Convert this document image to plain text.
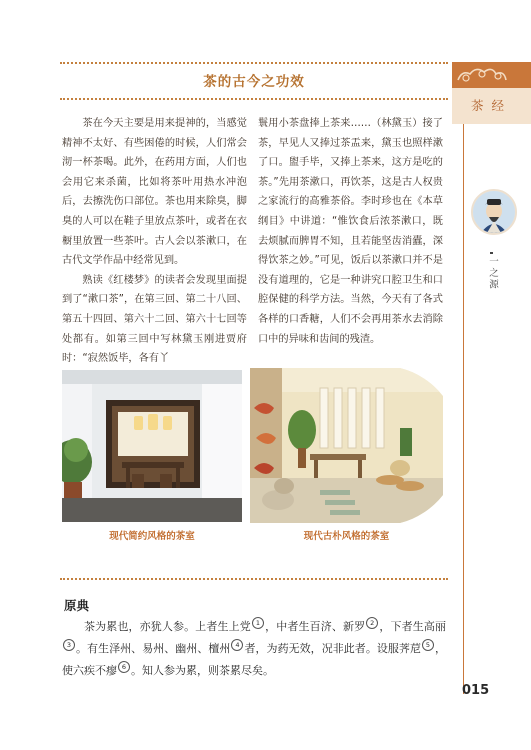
茶的古今之功效

茶在今天主要是用来提神的，当感觉精神不太好、有些困倦的时候，人们常会沏一杯茶喝。此外，在药用方面，人们也会用它来杀菌，比如将茶叶用热水冲泡后，去擦洗伤口部位。茶也用来除臭，脚臭的人可以在鞋子里放点茶叶，或者在衣橱里放置一些茶叶。古人会以茶漱口，在古代文学作品中经常见到。

熟读《红楼梦》的读者会发现里面提到了“漱口茶”，在第三回、第二十八回、第五十四回、第六十二回、第六十七回等处都有。如第三回中写林黛玉刚进贾府时：“寂然饭毕，各有丫

鬟用小茶盘捧上茶来……（林黛玉）接了茶，早见人又捧过茶盂来，黛玉也照样漱了口。盥手毕，又捧上茶来，这方是吃的茶。”先用茶漱口，再饮茶，这是古人权贵之家流行的高雅茶俗。李时珍也在《本草纲目》中讲道：“惟饮食后浓茶漱口，既去烦腻而脾胃不知，且若能坚齿消蠹，深得饮茶之妙。”可见，饭后以茶漱口并不是没有道理的，它是一种讲究口腔卫生和口腔保健的科学方法。当然，今天有了各式各样的口香糖，人们不会再用茶水去消除口中的异味和齿间的残渣。

现代简约风格的茶室	现代古朴风格的茶室
原典
茶为累也，亦犹人参。上者生上党 $^1$ ，中者生百济、新罗 $^2$ ，下者生高丽$^3$ 。有生泽州、易州、幽州、檀州 $^4$ 者，为药无效，况非此者。设服荠苨 $^5$ ，使六疾不瘳 $^6$ 。知人参为累，则茶累尽矣。
茶经
一之源
015
